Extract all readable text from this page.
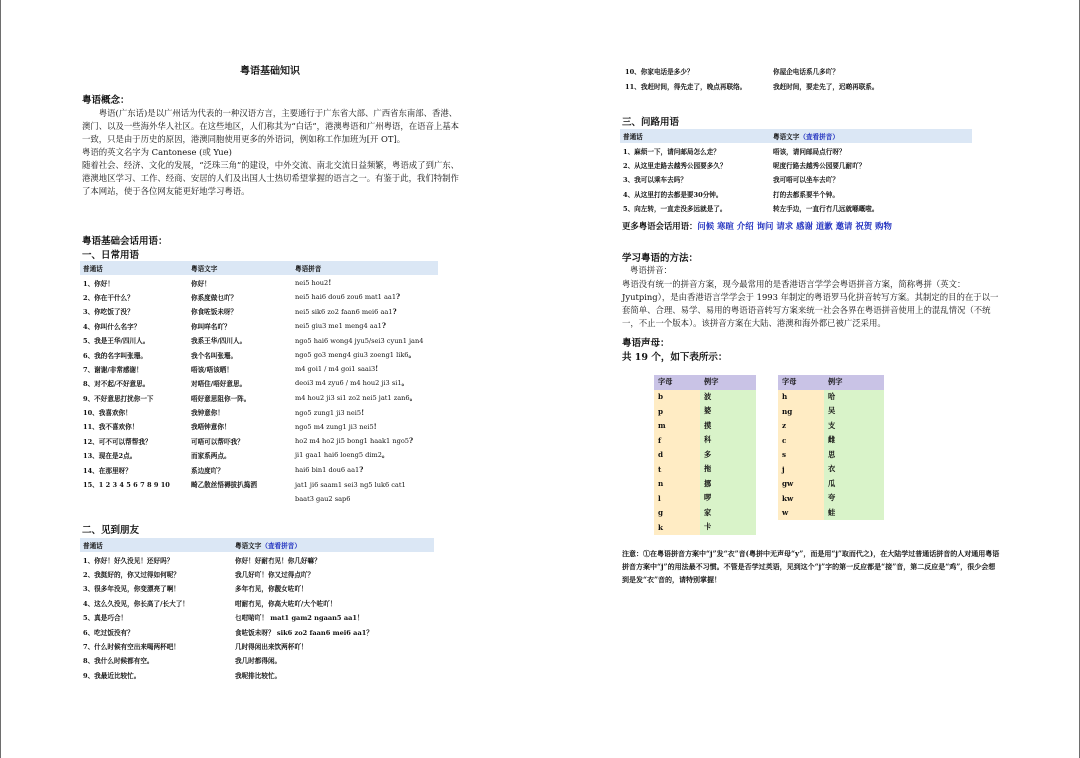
粤语基础知识
粤语概念：

粤语(广东话)是以广州话为代表的一种汉语方言，主要通行于广东省大部、广西省东南部、香港、澳门、以及一些海外华人社区。在这些地区，人们称其为“白话”，港澳粤语和广州粤语，在语音上基本一致，只是由于历史的原因，港澳同胞使用更多的外语词，例如称工作加班为[开 OT]。

粤语的英文名字为 Cantonese (或 Yue)

随着社会、经济、文化的发展，“泛珠三角”的建设，中外交流、南北交流日益频繁，粤语成了到广东、港澳地区学习、工作、经商、安居的人们及出国人士热切希望掌握的语言之一。有鉴于此，我们特制作了本网站，使于各位网友能更好地学习粤语。

粤语基础会话用语：
一、日常用语
普通话	粤语文字	粤语拼音
1、你好！	你好！	nei5 hou2!
2、你在干什么？	你系度做乜吖？	nei5 hai6 dou6 zou6 mat1 aa1?
3、你吃饭了没？	你食咗饭未呀？	nei5 sik6 zo2 faan6 mei6 aa1?
4、你叫什么名字？	你叫咩名吖？	nei5 giu3 me1 meng4 aa1?
5、我是王华/四川人。	我系王华/四川人。	ngo5 hai6 wong4 jyu5/sei3 cyun1 jan4
6、我的名字叫张珊。	我个名叫张珊。	ngo5 go3 meng4 giu3 zoeng1 lik6。
7、谢谢/非常感谢！	唔该/唔该晒！	m4 goi1 / m4 goi1 saai3!
8、对不起/不好意思。	对唔住/唔好意思。	deoi3 m4 zyu6 / m4 hou2 ji3 si1。
9、不好意思打扰你一下	唔好意思阻你一阵。	m4 hou2 ji3 si1 zo2 nei5 jat1 zan6。
10、我喜欢你！	我钟意你！	ngo5 zung1 ji3 nei5!
11、我不喜欢你！	我唔钟意你！	ngo5 m4 zung1 ji3 nei5!
12、可不可以帮帮我？	可唔可以帮吓我？	ho2 m4 ho2 ji5 bong1 haak1 ngo5?
13、现在是2点。	而家系两点。	ji1 gaa1 hai6 loeng5 dim2。
14、在那里呀？	系边度吖？	hai6 bin1 dou6 aa1?
15、1 2 3 4 5 6 7 8 9 10	畸乙散丝悟褥拔扒捣洒	jat1 ji6 saam1 sei3 ng5 luk6 cat1
		baat3 gau2 sap6
二、见到朋友
普通话	粤语文字（査看拼音）
1、你好！好久没见！还好吗？	你好！好耐冇见！你几好嘛？
2、我挺好的，你又过得如何呢？	我几好吖！你又过得点吖？
3、很多年没见，你变漂亮了啊！	多年冇见，你靓女咗吖！
4、这么久没见，你长高了/长大了！	咁耐冇见，你高大咗吖/大个咗吖！
5、真是巧合！	乜咁啱吖！ mat1 gam2 ngaan5 aa1！
6、吃过饭没有？	食咗饭未呀？ sik6 zo2 faan6 mei6 aa1？
7、什么时候有空出来喝两杯吧！	几时得闲出来饮两杯吖！
8、我什么时候都有空。	我几时都得闲。
9、我最近比较忙。	我呢排比较忙。
10、你家电话是多少？	你屋企电话系几多吖？
11、我赶时间，得先走了，晚点再联络。	我赶时间，要走先了，迟啲再联系。
三、问路用语
普通话	粤语文字（査看拼音）
1、麻烦一下，请问邮局怎么走？	唔该，请问邮局点行呀？
2、从这里走路去越秀公园要多久？	呢度行路去越秀公园要几耐吖？
3、我可以乘车去吗？	我可唔可以坐车去吖？
4、从这里打的去都是要30分钟。	打的去都系要半个钟。
5、向左转，一直走没多远就是了。	转左手边，一直行冇几远就喺嘅啦。
更多粤语会话用语：问候 寒暄 介绍 询问 请求 感谢 道歉 邀请 祝贺 购物
学习粤语的方法：
粤语拼音：
粤语没有统一的拼音方案，现今最常用的是香港语言学学会粤语拼音方案，简称粤拼（英文：Jyutping），是由香港语言学学会于 1993 年制定的粤语罗马化拼音转写方案。其制定的目的在于以一套简单、合理、易学、易用的粤语语音转写方案来统一社会各界在粤语拼音使用上的混乱情况（不统一，不止一个版本）。该拼音方案在大陆、港澳和海外都已被广泛采用。
粤语声母：
共 19 个，如下表所示：
字母	例字
b	波
p	婆
m	摸
f	科
d	多
t	拖
n	挪
l	啰
g	家
k	卡
字母	例字
h	哈
ng	吴
z	支
c	雌
s	思
j	衣
gw	瓜
kw	夸
w	蛙
注意：①在粤语拼音方案中“j”发“衣”音(粤拼中无声母“y”，而是用“j”取而代之)，在大陆学过普通话拼音的人对通用粤语拼音方案中“j”的用法最不习惯。不管是否学过英语，见到这个“j”字的第一反应都是“接”音，第二反应是“鸡”，很少会想到是发“衣”音的，请特别掌握！
